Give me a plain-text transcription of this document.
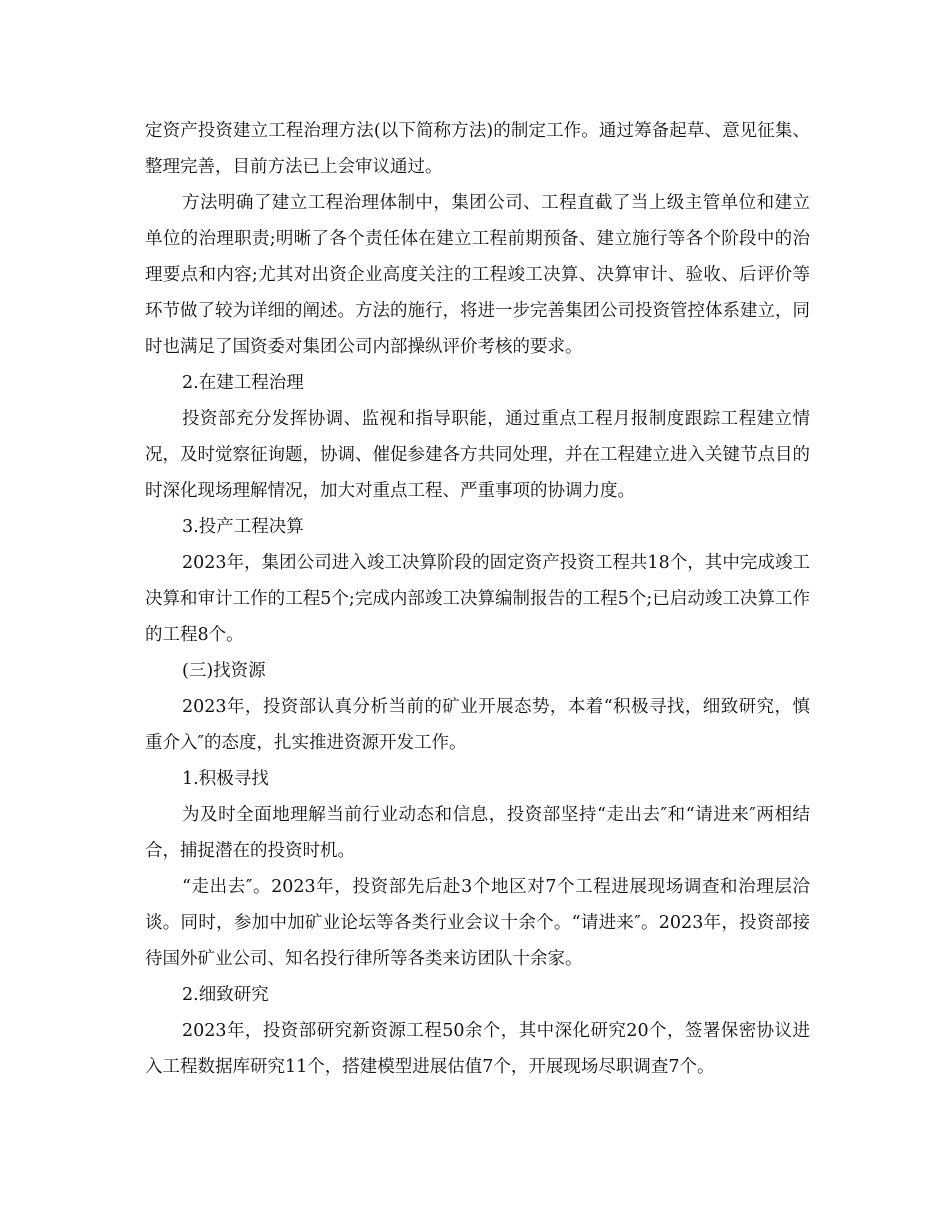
定资产投资建立工程治理方法(以下简称方法)的制定工作。通过筹备起草、意见征集、整理完善，目前方法已上会审议通过。

方法明确了建立工程治理体制中，集团公司、工程直截了当上级主管单位和建立单位的治理职责;明晰了各个责任体在建立工程前期预备、建立施行等各个阶段中的治理要点和内容;尤其对出资企业高度关注的工程竣工决算、决算审计、验收、后评价等环节做了较为详细的阐述。方法的施行，将进一步完善集团公司投资管控体系建立，同时也满足了国资委对集团公司内部操纵评价考核的要求。

2.在建工程治理

投资部充分发挥协调、监视和指导职能，通过重点工程月报制度跟踪工程建立情况，及时觉察征询题，协调、催促参建各方共同处理，并在工程建立进入关键节点目的时深化现场理解情况，加大对重点工程、严重事项的协调力度。

3.投产工程决算

2023年，集团公司进入竣工决算阶段的固定资产投资工程共18个，其中完成竣工决算和审计工作的工程5个;完成内部竣工决算编制报告的工程5个;已启动竣工决算工作的工程8个。

(三)找资源

2023年，投资部认真分析当前的矿业开展态势，本着“积极寻找，细致研究，慎重介入″的态度，扎实推进资源开发工作。

1.积极寻找

为及时全面地理解当前行业动态和信息，投资部坚持“走出去″和“请进来″两相结合，捕捉潜在的投资时机。

“走出去″。2023年，投资部先后赴3个地区对7个工程进展现场调查和治理层洽谈。同时，参加中加矿业论坛等各类行业会议十余个。“请进来″。2023年，投资部接待国外矿业公司、知名投行律所等各类来访团队十余家。

2.细致研究

2023年，投资部研究新资源工程50余个，其中深化研究20个，签署保密协议进入工程数据库研究11个，搭建模型进展估值7个，开展现场尽职调查7个。
